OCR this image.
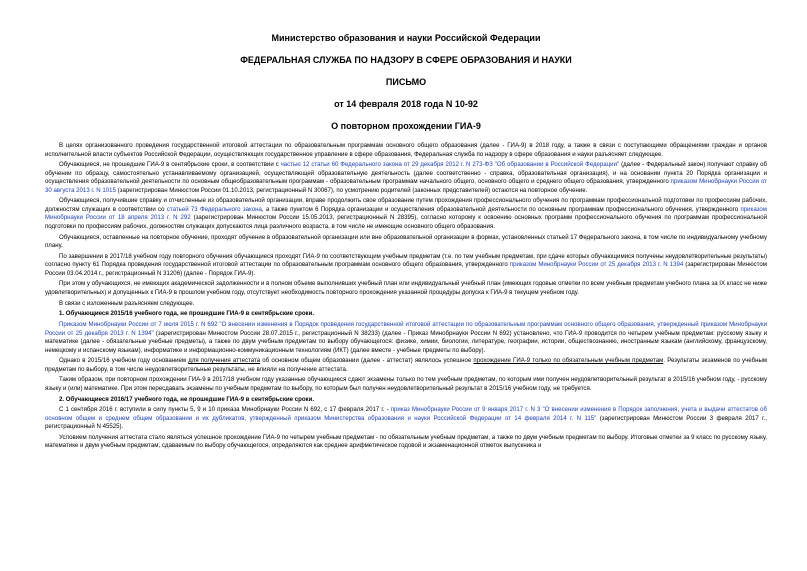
Министерство образования и науки Российской Федерации
ФЕДЕРАЛЬНАЯ СЛУЖБА ПО НАДЗОРУ В СФЕРЕ ОБРАЗОВАНИЯ И НАУКИ
ПИСЬМО
от 14 февраля 2018 года N 10-92
О повторном прохождении ГИА-9

В целях организованного проведения государственной итоговой аттестации по образовательным программам основного общего образования (далее - ГИА-9) в 2018 году, а также в связи с поступающими обращениями граждан и органов исполнительной власти субъектов Российской Федерации, осуществляющих государственное управление в сфере образования, Федеральная служба по надзору в сфере образования и науки разъясняет следующее.

Обучающиеся, не прошедшие ГИА-9 в сентябрьские сроки, в соответствии с частью 12 статьи 60 Федерального закона от 29 декабря 2012 г. N 273-ФЗ "Об образовании в Российской Федерации" (далее - Федеральный закон) получают справку об обучении по образцу, самостоятельно устанавливаемому организацией, осуществляющей образовательную деятельность (далее соответственно - справка, образовательная организация), и на основании пункта 20 Порядка организации и осуществления образовательной деятельности по основным общеобразовательным программам - образовательным программам начального общего, основного общего и среднего общего образования, утвержденного приказом Минобрнауки России от 30 августа 2013 г. N 1015 (зарегистрирован Минюстом России 01.10.2013, регистрационный N 30067), по усмотрению родителей (законных представителей) остаются на повторное обучение.

Обучающиеся, получившие справку и отчисленные из образовательной организации, вправе продолжить свое образование путем прохождения профессионального обучения по программам профессиональной подготовки по профессиям рабочих, должностям служащих в соответствии со статьей 73 Федерального закона, а также пунктом 6 Порядка организации и осуществления образовательной деятельности по основным программам профессионального обучения, утвержденного приказом Минобрнауки России от 18 апреля 2013 г. N 292 (зарегистрирован Минюстом России 15.05.2013, регистрационный N 28395), согласно которому к освоению основных программ профессионального обучения по программам профессиональной подготовки по профессиям рабочих, должностям служащих допускаются лица различного возраста, в том числе не имеющие основного общего образования.

Обучающиеся, оставленные на повторное обучение, проходят обучение в образовательной организации или вне образовательной организации в формах, установленных статьей 17 Федерального закона, в том числе по индивидуальному учебному плану.

По завершении в 2017/18 учебном году повторного обучения обучающиеся проходят ГИА-9 по соответствующим учебным предметам (т.е. по тем учебным предметам, при сдаче которых обучающимися получены неудовлетворительные результаты) согласно пункту 61 Порядка проведения государственной итоговой аттестации по образовательным программам основного общего образования, утвержденного приказом Минобрнауки России от 25 декабря 2013 г. N 1394 (зарегистрирован Минюстом России 03.04.2014 г., регистрационный N 31206) (далее - Порядок ГИА-9).

При этом у обучающихся, не имеющих академической задолженности и в полном объеме выполнивших учебный план или индивидуальный учебный план (имеющих годовые отметки по всем учебным предметам учебного плана за IX класс не ниже удовлетворительных) и допущенных к ГИА-9 в прошлом учебном году, отсутствует необходимость повторного прохождения указанной процедуры допуска к ГИА-9 в текущем учебном году.

В связи с изложенным разъясняем следующее.

1. Обучающиеся 2015/16 учебного года, не прошедшие ГИА-9 в сентябрьские сроки.

Приказом Минобрнауки России от 7 июля 2015 г. N 692 "О внесении изменения в Порядок проведения государственной итоговой аттестации по образовательным программам основного общего образования, утвержденный приказом Минобрнауки России от 25 декабря 2013 г. N 1394" (зарегистрирован Минюстом России 28.07.2015 г., регистрационный N 38233) (далее - Приказ Минобрнауки России N 692) установлено, что ГИА-9 проводится по четырем учебным предметам: русскому языку и математике (далее - обязательные учебные предметы), а также по двум учебным предметам по выбору обучающегося: физике, химии, биологии, литературе, географии, истории, обществознанию, иностранным языкам (английскому, французскому, немецкому и испанскому языкам), информатике и информационно-коммуникационным технологиям (ИКТ) (далее вместе - учебные предметы по выбору).

Однако в 2015/16 учебном году основанием для получения аттестата об основном общем образовании (далее - аттестат) являлось успешное прохождение ГИА-9 только по обязательным учебным предметам. Результаты экзаменов по учебным предметам по выбору, в том числе неудовлетворительные результаты, не влияли на получение аттестата.

Таким образом, при повторном прохождении ГИА-9 в 2017/18 учебном году указанные обучающиеся сдают экзамены только по тем учебным предметам, по которым ими получен неудовлетворительный результат в 2015/16 учебном году, - русскому языку и (или) математике. При этом пересдавать экзамены по учебным предметам по выбору, по которым был получен неудовлетворительный результат в 2015/16 учебном году, не требуется.

2. Обучающиеся 2016/17 учебного года, не прошедшие ГИА-9 в сентябрьские сроки.

С 1 сентября 2016 г. вступили в силу пункты 5, 9 и 10 приказа Минобрнауки России N 692, с 17 февраля 2017 г. - приказ Минобрнауки России от 9 января 2017 г. N 3 "О внесении изменения в Порядок заполнения, учета и выдачи аттестатов об основном общем и среднем общем образовании и их дубликатов, утвержденный приказом Министерства образования и науки Российской Федерации от 14 февраля 2014 г. N 115" (зарегистрирован Минюстом России 3 февраля 2017 г., регистрационный N 45525).

Условием получения аттестата стало являться успешное прохождение ГИА-9 по четырем учебным предметам - по обязательным учебным предметам, а также по двум учебным предметам по выбору. Итоговые отметки за 9 класс по русскому языку, математике и двум учебным предметам, сдаваемым по выбору обучающегося, определяются как среднее арифметическое годовой и экзаменационной отметок выпускника и
